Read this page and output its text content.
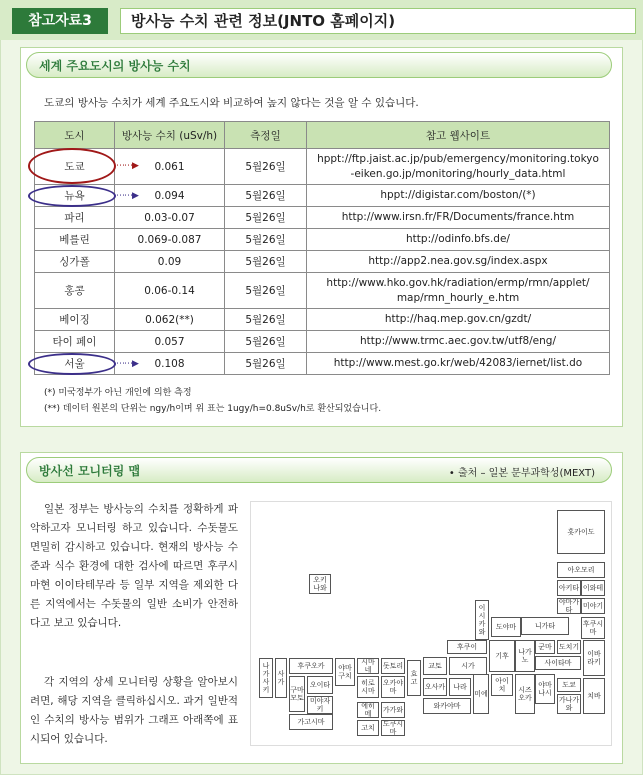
참고자료3	방사능 수치 관련 정보(JNTO 홈페이지)
세계 주요도시의 방사능 수치
도쿄의 방사능 수치가 세계 주요도시와 비교하여 높지 않다는 것을 알 수 있습니다.
도시	방사능 수치 (uSv/h)	측정일	참고 웹사이트
도쿄	0.061	5월26일	hppt://ftp.jaist.ac.jp/pub/emergency/monitoring.tokyo
-eiken.go.jp/monitoring/hourly_data.html
뉴욕	0.094	5월26일	hppt://digistar.com/boston/(*)
파리	0.03-0.07	5월26일	http://www.irsn.fr/FR/Documents/france.htm
베를린	0.069-0.087	5월26일	http://odinfo.bfs.de/
싱가폴	0.09	5월26일	http://app2.nea.gov.sg/index.aspx
홍콩	0.06-0.14	5월26일	http://www.hko.gov.hk/radiation/ermp/rmn/applet/
map/rmn_hourly_e.htm
베이징	0.062(**)	5월26일	http://haq.mep.gov.cn/gzdt/
타이 페이	0.057	5월26일	http://www.trmc.aec.gov.tw/utf8/eng/
서울	0.108	5월26일	http://www.mest.go.kr/web/42083/iernet/list.do
⋯⋯▶
⋯⋯▶
⋯⋯▶
(*) 미국정부가 아닌 개인에 의한 측정
(**) 데이터 원본의 단위는 ngy/h이며 위 표는 1ugy/h=0.8uSv/h로 환산되었습니다.
방사선 모니터링 맵	• 출처 – 일본 문부과학성(MEXT)

일본 정부는 방사능의 수치를 정확하게 파악하고자 모니터링 하고 있습니다. 수돗물도 면밀히 감시하고 있습니다. 현재의 방사능 수준과 식수 환경에 대한 검사에 따르면 후쿠시마현 이이타테무라 등 일부 지역을 제외한 다른 지역에서는 수돗물의 일반 소비가 안전하다고 보고 있습니다.

각 지역의 상세 모니터링 상황을 알아보시려면, 해당 지역을 클릭하십시오. 과거 일반적인 수치의 방사능 범위가 그래프 아래쪽에 표시되어 있습니다.

홋카이도
아오모리
아키타 이와테
야마가타	미야기
니가타	후쿠시마
이시카와
도야마
후쿠이
기후	나가노
군마	도치기
이바라키
사이타마
도쿄
치바
가나가와
야마나시
시즈오카
아이치
미에
나라
오사카
교토
효고
와카야마
시마네	돗토리
히로시마
오카야마
에히메	가가와
고치	도쿠시마
야마구치
후쿠오카
사가
나가사키	구마모토
오이타
미야자키
가고시마
오키나와
시가
